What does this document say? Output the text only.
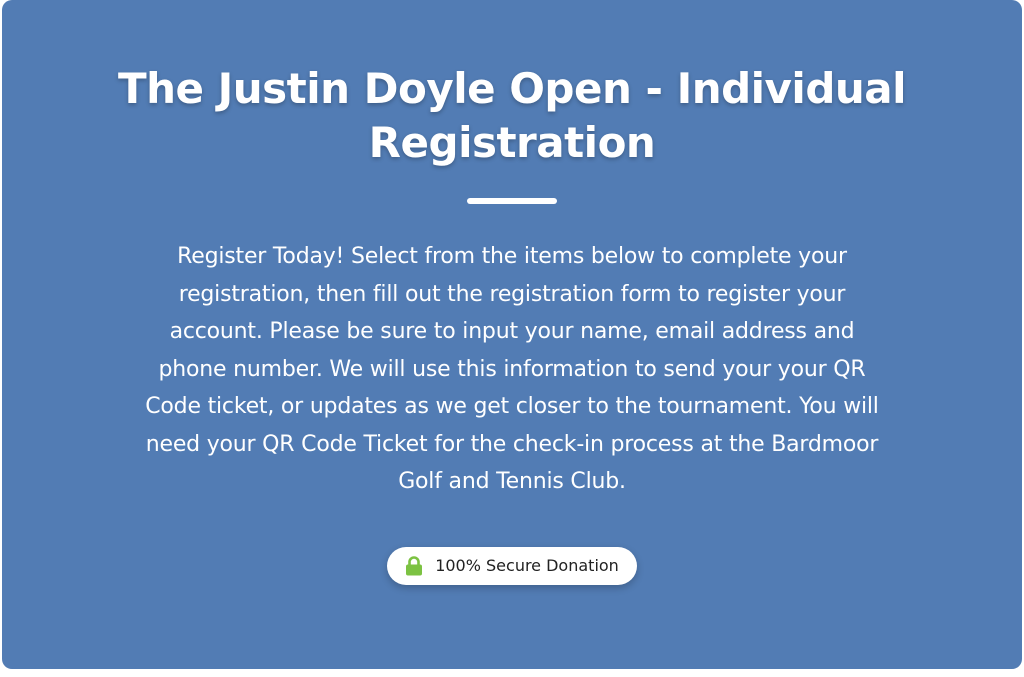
The Justin Doyle Open - Individual Registration

Register Today! Select from the items below to complete your registration, then fill out the registration form to register your account. Please be sure to input your name, email address and phone number. We will use this information to send your your QR Code ticket, or updates as we get closer to the tournament. You will need your QR Code Ticket for the check-in process at the Bardmoor Golf and Tennis Club.

100% Secure Donation
